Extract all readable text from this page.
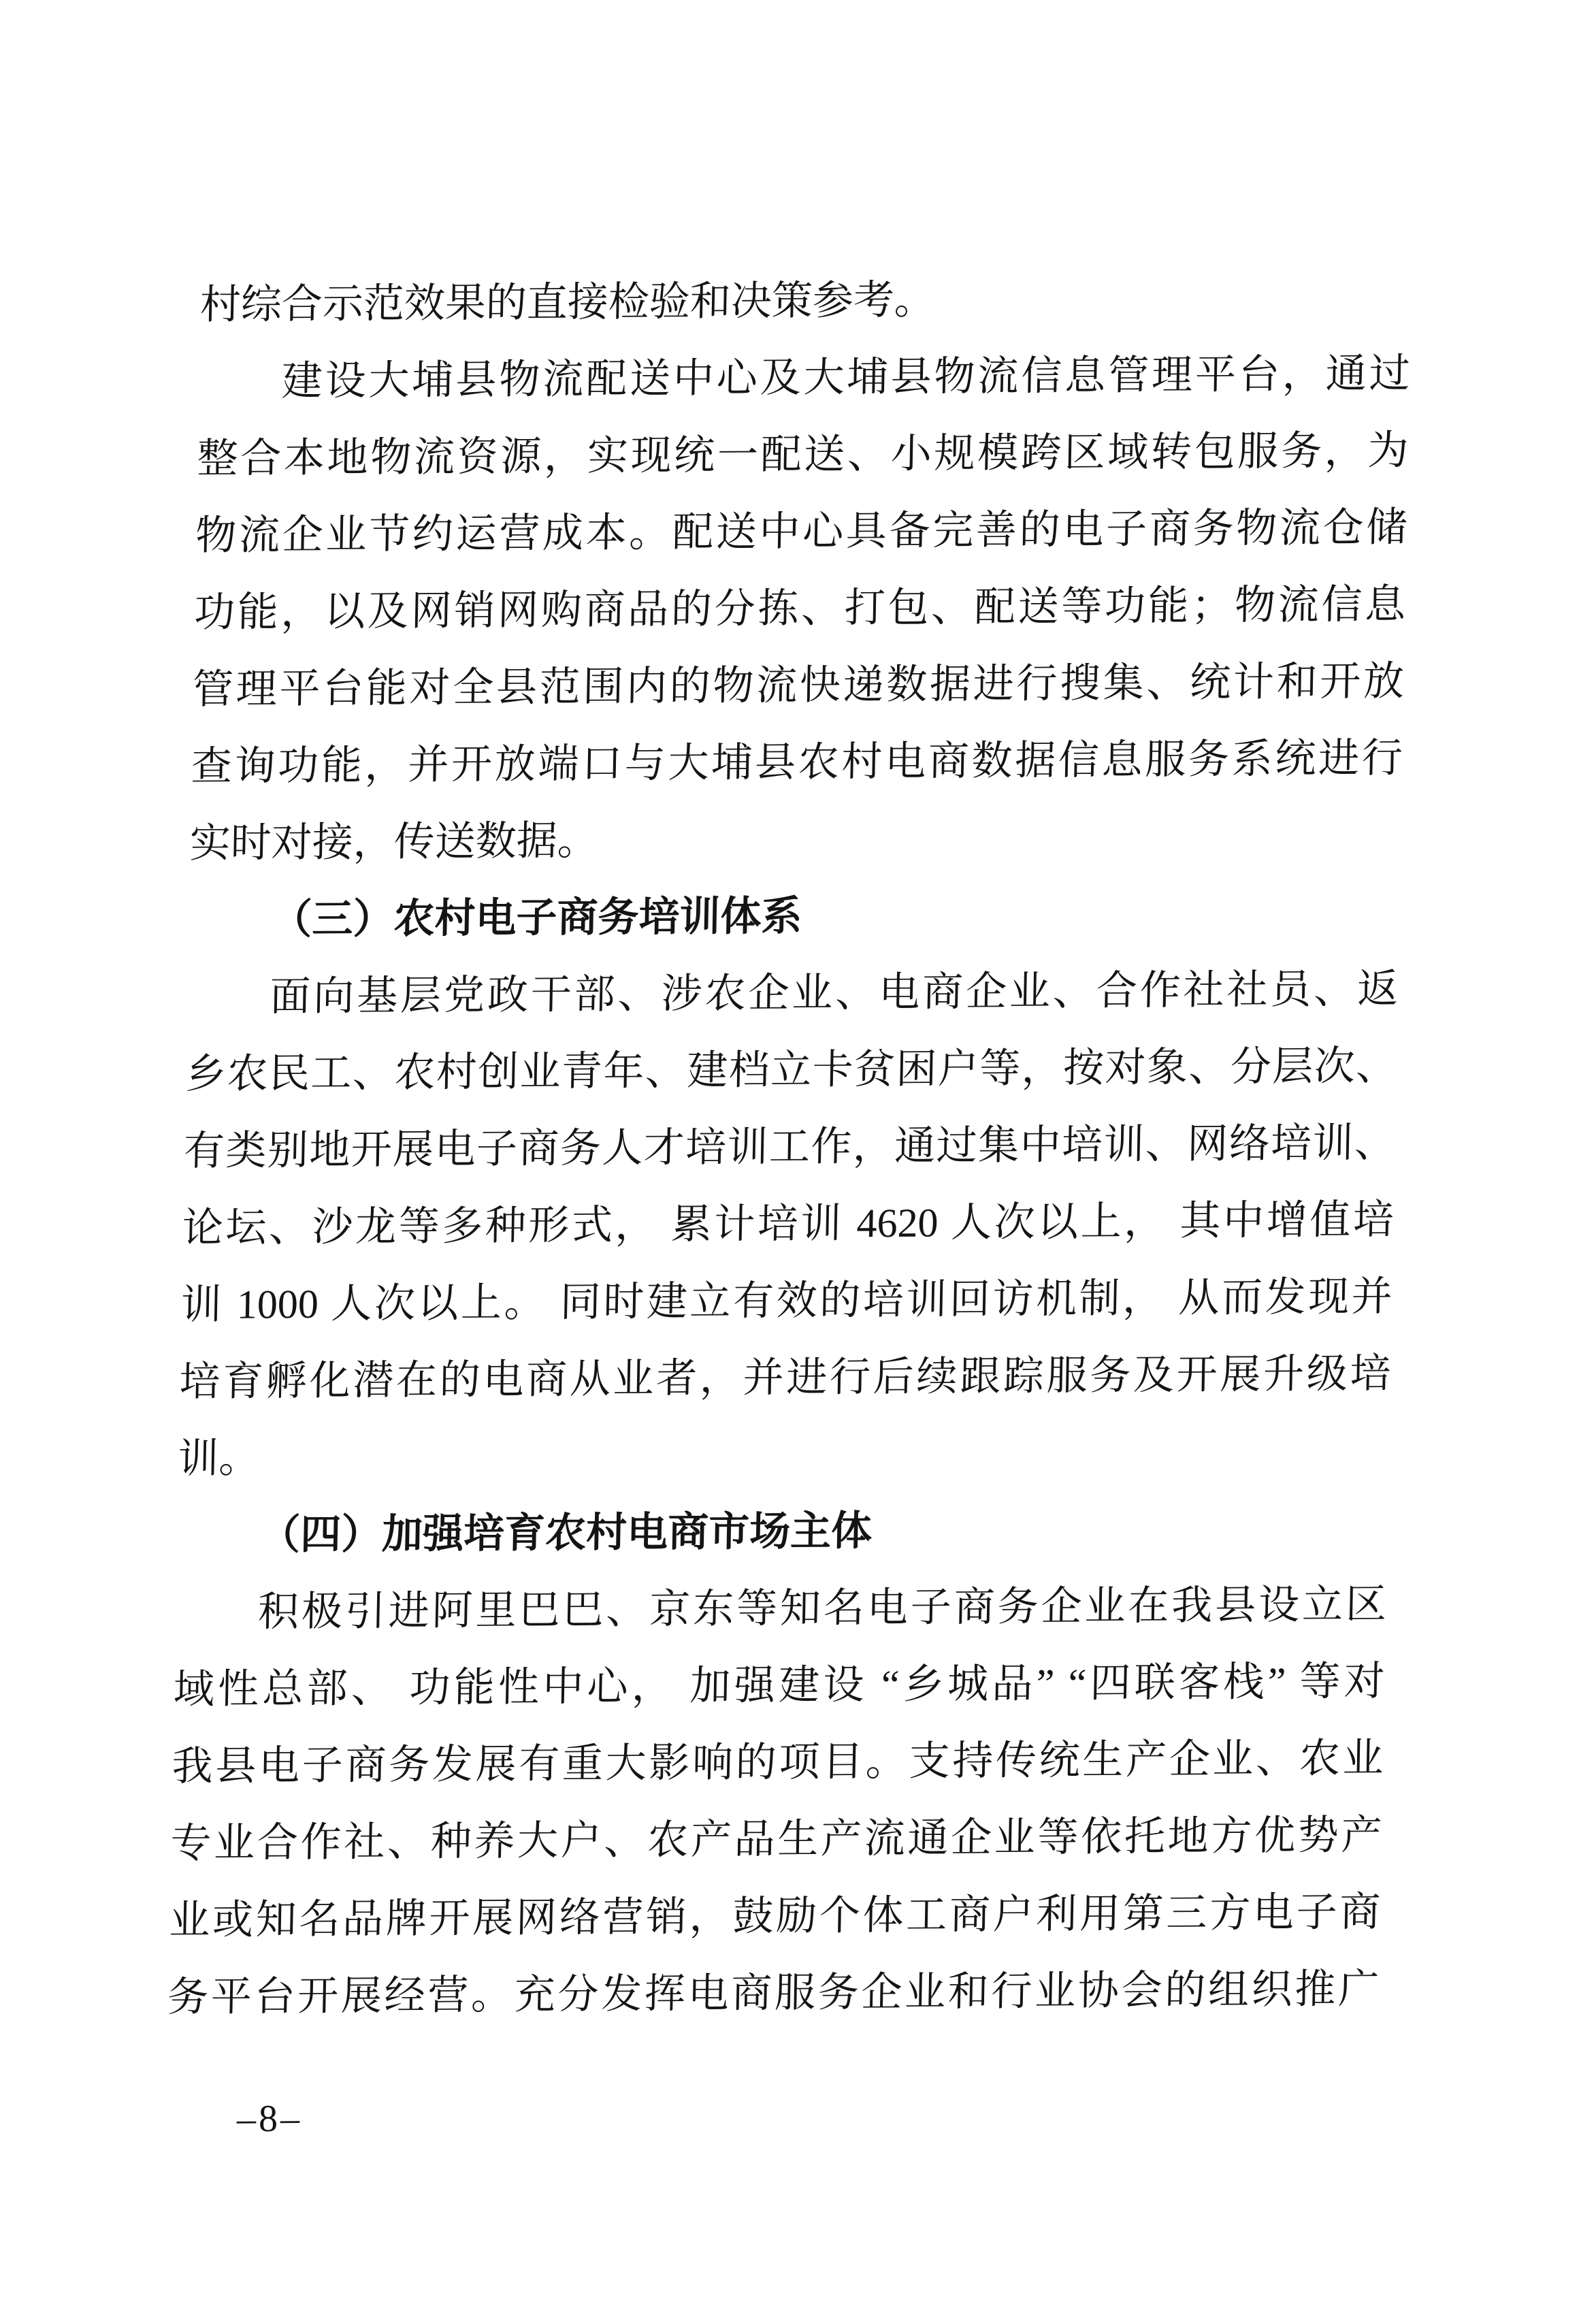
村综合示范效果的直接检验和决策参考。
建设大埔县物流配送中心及大埔县物流信息管理平台，通过
整合本地物流资源，实现统一配送、小规模跨区域转包服务，为
物流企业节约运营成本。配送中心具备完善的电子商务物流仓储
功能，以及网销网购商品的分拣、打包、配送等功能；物流信息
管理平台能对全县范围内的物流快递数据进行搜集、统计和开放
查询功能，并开放端口与大埔县农村电商数据信息服务系统进行
实时对接，传送数据。
（三）农村电子商务培训体系
面向基层党政干部、涉农企业、电商企业、合作社社员、返
乡农民工、农村创业青年、建档立卡贫困户等，按对象、分层次、
有类别地开展电子商务人才培训工作，通过集中培训、网络培训、
论坛、沙龙等多种形式， 累计培训 4620 人次以上， 其中增值培
训 1000 人次以上。 同时建立有效的培训回访机制， 从而发现并
培育孵化潜在的电商从业者，并进行后续跟踪服务及开展升级培
训。
（四）加强培育农村电商市场主体
积极引进阿里巴巴、京东等知名电子商务企业在我县设立区
域性总部、 功能性中心， 加强建设 “乡城品” “四联客栈” 等对
我县电子商务发展有重大影响的项目。支持传统生产企业、农业
专业合作社、种养大户、农产品生产流通企业等依托地方优势产
业或知名品牌开展网络营销，鼓励个体工商户利用第三方电子商
务平台开展经营。充分发挥电商服务企业和行业协会的组织推广
–8–
